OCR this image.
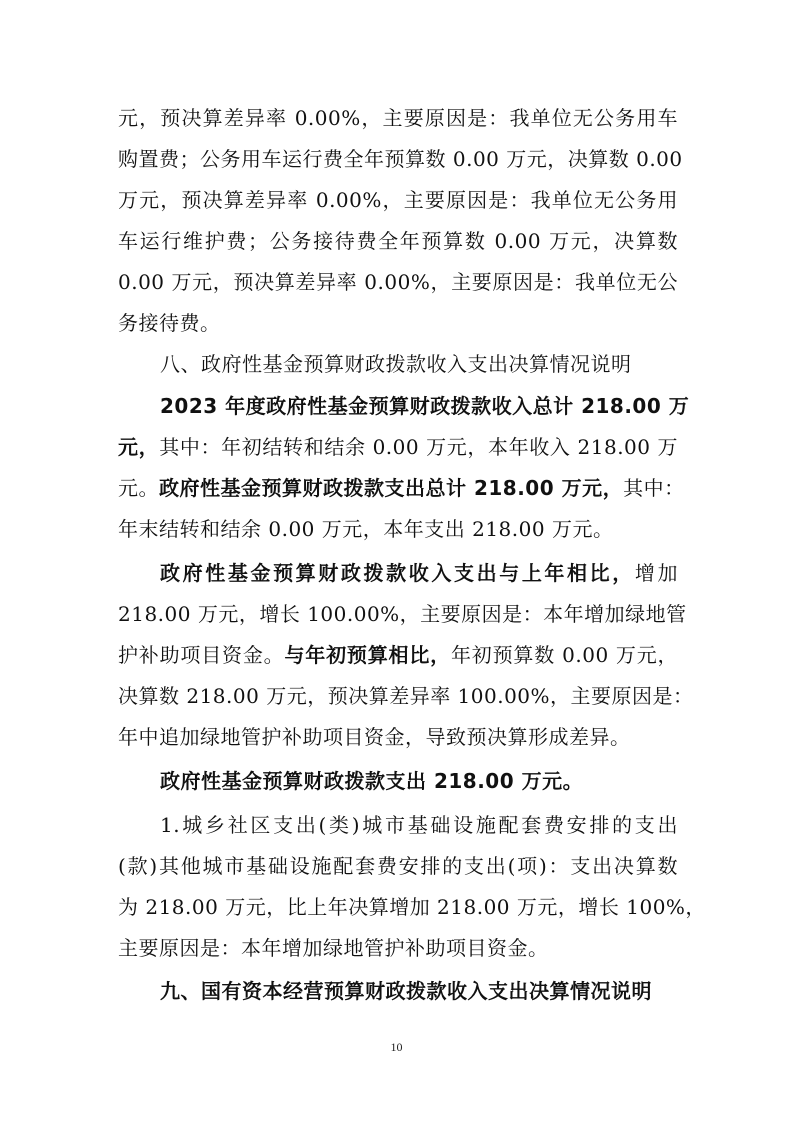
元，预决算差异率 0.00%，主要原因是：我单位无公务用车
购置费；公务用车运行费全年预算数 0.00 万元，决算数 0.00
万元，预决算差异率 0.00%，主要原因是：我单位无公务用
车运行维护费；公务接待费全年预算数 0.00 万元，决算数
0.00 万元，预决算差异率 0.00%，主要原因是：我单位无公
务接待费。
八、政府性基金预算财政拨款收入支出决算情况说明
2023 年度政府性基金预算财政拨款收入总计 218.00 万
元，其中：年初结转和结余 0.00 万元，本年收入 218.00 万
元。政府性基金预算财政拨款支出总计 218.00 万元，其中：
年末结转和结余 0.00 万元，本年支出 218.00 万元。
政府性基金预算财政拨款收入支出与上年相比，增加
218.00 万元，增长 100.00%，主要原因是：本年增加绿地管
护补助项目资金。与年初预算相比，年初预算数 0.00 万元，
决算数 218.00 万元，预决算差异率 100.00%，主要原因是：
年中追加绿地管护补助项目资金，导致预决算形成差异。
政府性基金预算财政拨款支出 218.00 万元。
1.城乡社区支出(类)城市基础设施配套费安排的支出
(款)其他城市基础设施配套费安排的支出(项)：支出决算数
为 218.00 万元，比上年决算增加 218.00 万元，增长 100%，
主要原因是：本年增加绿地管护补助项目资金。
九、国有资本经营预算财政拨款收入支出决算情况说明
10
